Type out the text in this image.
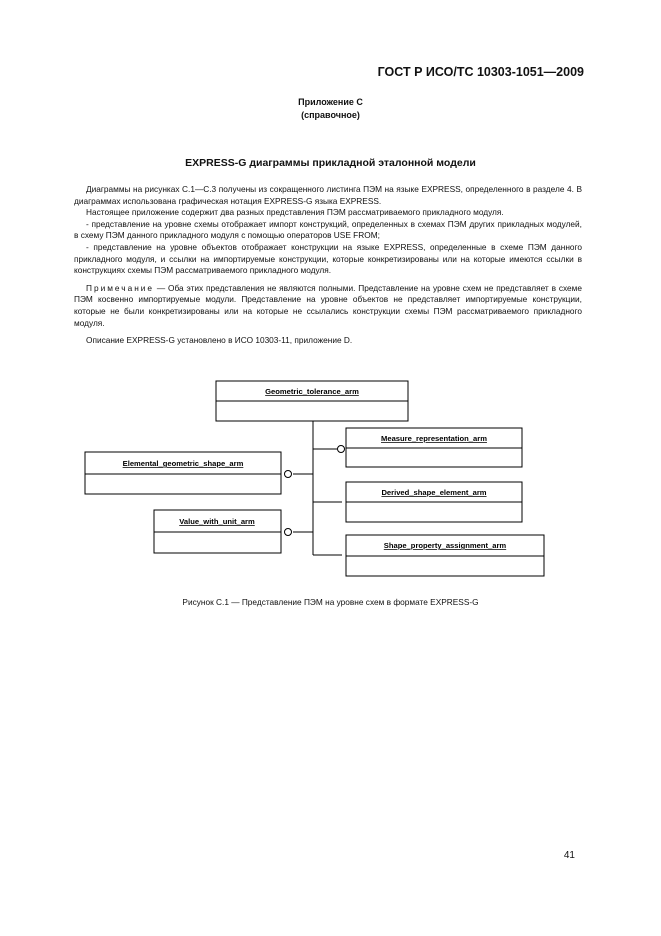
ГОСТ Р ИСО/ТС 10303-1051—2009
Приложение С
(справочное)
EXPRESS-G диаграммы прикладной эталонной модели

Диаграммы на рисунках С.1—С.3 получены из сокращенного листинга ПЭМ на языке EXPRESS, определенного в разделе 4. В диаграммах использована графическая нотация EXPRESS-G языка EXPRESS.

Настоящее приложение содержит два разных представления ПЭМ рассматриваемого прикладного модуля.

- представление на уровне схемы отображает импорт конструкций, определенных в схемах ПЭМ других прикладных модулей, в схему ПЭМ данного прикладного модуля с помощью операторов USE FROM;

- представление на уровне объектов отображает конструкции на языке EXPRESS, определенные в схеме ПЭМ данного прикладного модуля, и ссылки на импортируемые конструкции, которые конкретизированы или на которые имеются ссылки в конструкциях схемы ПЭМ рассматриваемого прикладного модуля.

Примечание — Оба этих представления не являются полными. Представление на уровне схем не представляет в схеме ПЭМ косвенно импортируемые модули. Представление на уровне объектов не представляет импортируемые конструкции, которые не были конкретизированы или на которые не ссылались конструкции схемы ПЭМ рассматриваемого прикладного модуля.

Описание EXPRESS-G установлено в ИСО 10303-11, приложение D.

Geometric_tolerance_arm
Elemental_geometric_shape_arm
Value_with_unit_arm
Measure_representation_arm
Derived_shape_element_arm
Shape_property_assignment_arm
Рисунок С.1 — Представление ПЭМ на уровне схем в формате EXPRESS-G
41
